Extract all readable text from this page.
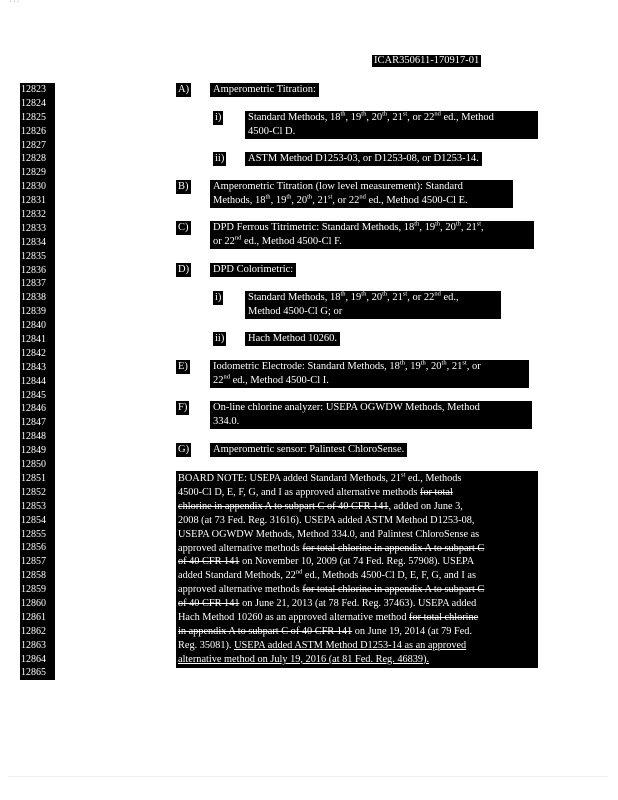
' ' '
ICAR350611-170917-01
12823
12824
12825
12826
12827
12828
12829
12830
12831
12832
12833
12834
12835
12836
12837
12838
12839
12840
12841
12842
12843
12844
12845
12846
12847
12848
12849
12850
12851
12852
12853
12854
12855
12856
12857
12858
12859
12860
12861
12862
12863
12864
12865
A) Amperometric Titration:
i)	Standard Methods, 18th, 19th, 20th, 21st, or 22nd ed., Method
4500-Cl D.
ii) ASTM Method D1253-03, or D1253-08, or D1253-14.
B) Amperometric Titration (low level measurement): Standard
Methods, 18th, 19th, 20th, 21st, or 22nd ed., Method 4500-Cl E.
C) DPD Ferrous Titrimetric: Standard Methods, 18th, 19th, 20th, 21st,
or 22nd ed., Method 4500-Cl F.
D) DPD Colorimetric:
i)	Standard Methods, 18th, 19th, 20th, 21st, or 22nd ed.,
Method 4500-Cl G; or
ii) Hach Method 10260.
E) Iodometric Electrode: Standard Methods, 18th, 19th, 20th, 21st, or
22nd ed., Method 4500-Cl I.
F) On-line chlorine analyzer: USEPA OGWDW Methods, Method
334.0.
G) Amperometric sensor: Palintest ChloroSense.
BOARD NOTE: USEPA added Standard Methods, 21st ed., Methods
4500-Cl D, E, F, G, and I as approved alternative methods for total
chlorine in appendix A to subpart C of 40 CFR 141, added on June 3,
2008 (at 73 Fed. Reg. 31616). USEPA added ASTM Method D1253-08,
USEPA OGWDW Methods, Method 334.0, and Palintest ChloroSense as
approved alternative methods for total chlorine in appendix A to subpart C
of 40 CFR 141 on November 10, 2009 (at 74 Fed. Reg. 57908). USEPA
added Standard Methods, 22nd ed., Methods 4500-Cl D, E, F, G, and I as
approved alternative methods for total chlorine in appendix A to subpart C
of 40 CFR 141 on June 21, 2013 (at 78 Fed. Reg. 37463). USEPA added
Hach Method 10260 as an approved alternative method for total chlorine
in appendix A to subpart C of 40 CFR 141 on June 19, 2014 (at 79 Fed.
Reg. 35081). USEPA added ASTM Method D1253-14 as an approved
alternative method on July 19, 2016 (at 81 Fed. Reg. 46839).
